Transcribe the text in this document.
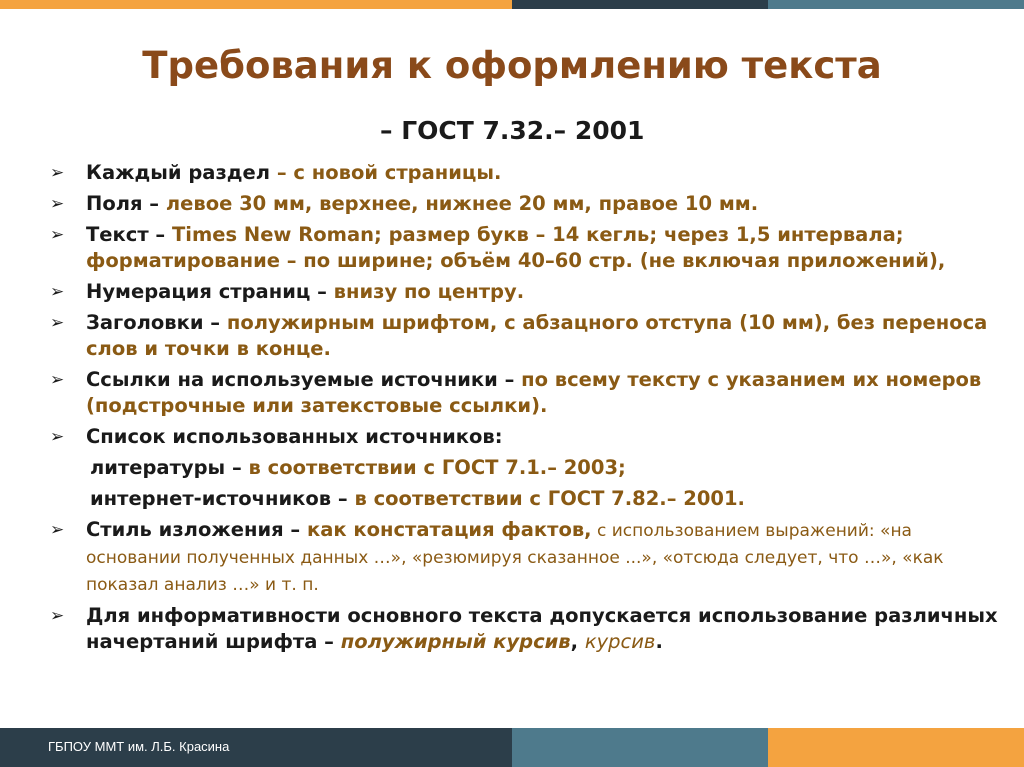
Требования к оформлению текста
– ГОСТ 7.32.– 2001
➢	Каждый раздел – с новой страницы.
➢	Поля – левое 30 мм, верхнее, нижнее 20 мм, правое 10 мм.
➢	Текст – Times New Roman; размер букв – 14 кегль; через 1,5 интервала; форматирование – по ширине; объём 40–60 стр. (не включая приложений),
➢	Нумерация страниц – внизу по центру.
➢	Заголовки – полужирным шрифтом, с абзацного отступа (10 мм), без переноса слов и точки в конце.
➢	Ссылки на используемые источники – по всему тексту с указанием их номеров (подстрочные или затекстовые ссылки).
➢	Список использованных источников:
литературы – в соответствии с ГОСТ 7.1.– 2003;
интернет-источников – в соответствии с ГОСТ 7.82.– 2001.
➢	Стиль изложения – как констатация фактов, с использованием выражений: «на основании полученных данных …», «резюмируя сказанное ...», «отсюда следует, что …», «как показал анализ …» и т. п.
➢	Для информативности основного текста допускается использование различных начертаний шрифта – полужирный курсив, курсив.
ГБПОУ ММТ им. Л.Б. Красина
